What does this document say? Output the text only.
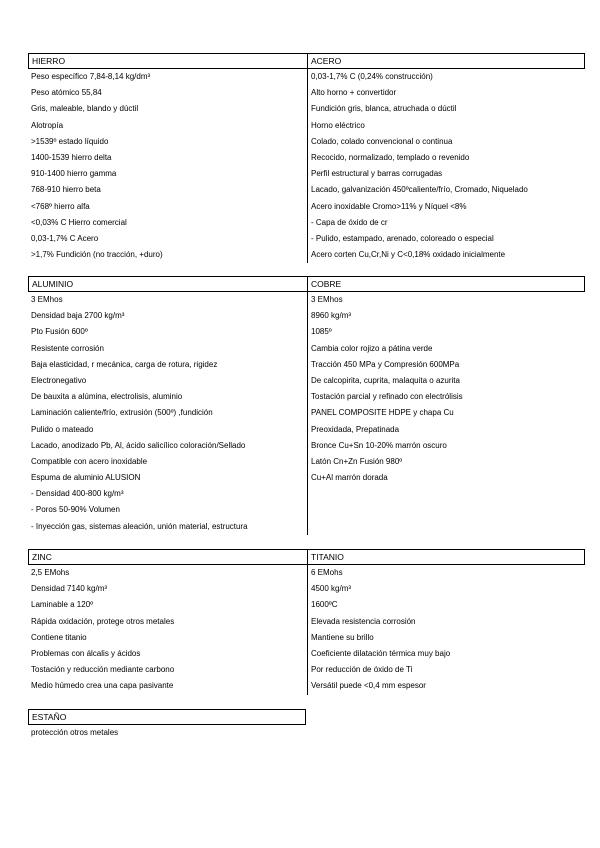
HIERRO	ACERO
Peso específico 7,84-8,14 kg/dm³	0,03-1,7% C (0,24% construcción)
Peso atómico 55,84	Alto horno + convertidor
Gris, maleable, blando y dúctil	Fundición gris, blanca, atruchada o dúctil
Alotropía	Horno eléctrico
>1539º estado líquido	Colado, colado convencional o continua
1400-1539 hierro delta	Recocido, normalizado, templado o revenido
910-1400 hierro gamma	Perfil estructural y barras corrugadas
768-910 hierro beta	Lacado, galvanización 450ºcaliente/frío, Cromado, Niquelado
<768º hierro alfa	Acero inoxidable Cromo>11% y Níquel <8%
<0,03% C Hierro comercial	- Capa de óxido de cr
0,03-1,7% C Acero	- Pulido, estampado, arenado, coloreado o especial
>1,7% Fundición (no tracción, +duro)	Acero corten Cu,Cr,Ni y C<0,18% oxidado inicialmente
ALUMINIO	COBRE
3 EMhos	3 EMhos
Densidad baja 2700 kg/m³	8960 kg/m³
Pto Fusión 600º	1085º
Resistente corrosión	Cambia color rojizo a pátina verde
Baja elasticidad, r mecánica, carga de rotura, rigidez	Tracción 450 MPa y Compresión 600MPa
Electronegativo	De calcopirita, cuprita, malaquita o azurita
De bauxita a alúmina, electrolisis, aluminio	Tostación parcial y refinado con electrólisis
Laminación caliente/frío, extrusión (500º) ,fundición	PANEL COMPOSITE HDPE y chapa Cu
Pulido o mateado	Preoxidada, Prepatinada
Lacado, anodizado Pb, Al, ácido salicílico coloración/Sellado	Bronce Cu+Sn 10-20% marrón oscuro
Compatible con acero inoxidable	Latón Cn+Zn Fusión 980º
Espuma de aluminio ALUSION	Cu+Al marrón dorada
- Densidad 400-800 kg/m³
- Poros 50-90% Volumen
- Inyección gas, sistemas aleación, unión material, estructura
ZINC	TITANIO
2,5 EMohs	6 EMohs
Densidad 7140 kg/m³	4500 kg/m³
Laminable a 120º	1600ºC
Rápida oxidación, protege otros metales	Elevada resistencia corrosión
Contiene titanio	Mantiene su brillo
Problemas con álcalis y ácidos	Coeficiente dilatación térmica muy bajo
Tostación y reducción mediante carbono	Por reducción de óxido de Ti
Medio húmedo crea una capa pasivante	Versátil puede <0,4 mm espesor
ESTAÑO
protección otros metales
